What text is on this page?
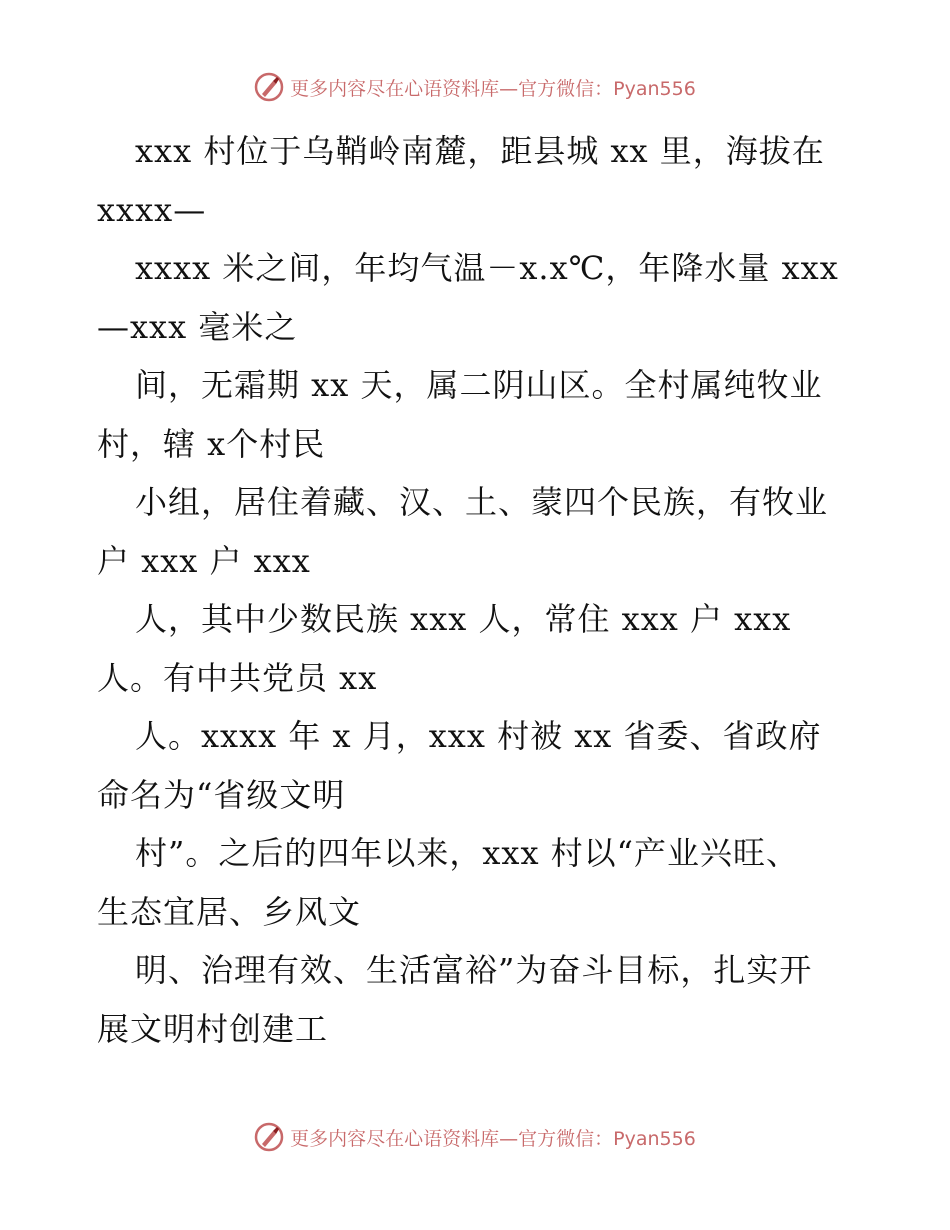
更多内容尽在心语资料库—官方微信：Pyan556
xxx 村位于乌鞘岭南麓，距县城 xx 里，海拔在
xxxx—
xxxx 米之间，年均气温－x.x℃，年降水量 xxx
—xxx 毫米之
间，无霜期 xx 天，属二阴山区。全村属纯牧业
村，辖 x个村民
小组，居住着藏、汉、土、蒙四个民族，有牧业
户 xxx 户 xxx
人，其中少数民族 xxx 人，常住 xxx 户 xxx
人。有中共党员 xx
人。xxxx 年 x 月，xxx 村被 xx 省委、省政府
命名为“省级文明
村”。之后的四年以来，xxx 村以“产业兴旺、
生态宜居、乡风文
明、治理有效、生活富裕”为奋斗目标，扎实开
展文明村创建工
更多内容尽在心语资料库—官方微信：Pyan556
